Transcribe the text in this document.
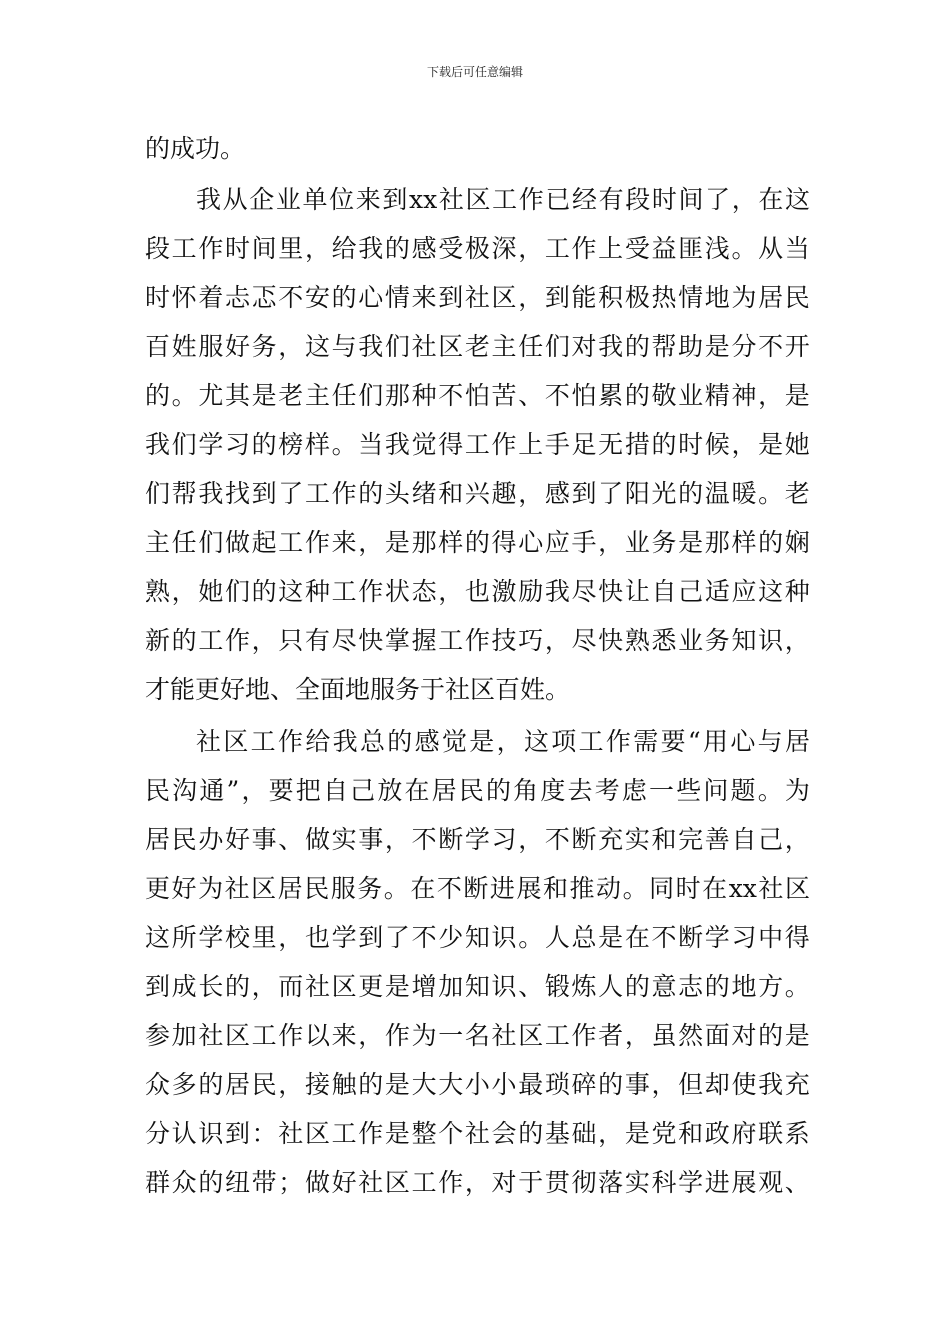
下载后可任意编辑
的成功。
我 从 企 业 单 位 来 到 xx 社 区 工 作 已 经 有 段 时 间 了 ， 在 这
段 工 作 时 间 里 ， 给 我 的 感 受 极 深 ， 工 作 上 受 益 匪 浅 。 从 当
时 怀 着 忐 忑 不 安 的 心 情 来 到 社 区 ， 到 能 积 极 热 情 地 为 居 民
百 姓 服 好 务 ， 这 与 我 们 社 区 老 主 任 们 对 我 的 帮 助 是 分 不 开
的 。 尤 其 是 老 主 任 们 那 种 不 怕 苦 、 不 怕 累 的 敬 业 精 神 ， 是
我 们 学 习 的 榜 样 。 当 我 觉 得 工 作 上 手 足 无 措 的 时 候 ， 是 她
们 帮 我 找 到 了 工 作 的 头 绪 和 兴 趣 ， 感 到 了 阳 光 的 温 暖 。 老
主 任 们 做 起 工 作 来 ， 是 那 样 的 得 心 应 手 ， 业 务 是 那 样 的 娴
熟 ， 她 们 的 这 种 工 作 状 态 ， 也 激 励 我 尽 快 让 自 己 适 应 这 种
新 的 工 作 ， 只 有 尽 快 掌 握 工 作 技 巧 ， 尽 快 熟 悉 业 务 知 识 ，
才能更好地、全面地服务于社区百姓。
社 区 工 作 给 我 总 的 感 觉 是 ， 这 项 工 作 需 要 “ 用 心 与 居
民 沟 通 ” ， 要 把 自 己 放 在 居 民 的 角 度 去 考 虑 一 些 问 题 。 为
居 民 办 好 事 、 做 实 事 ， 不 断 学 习 ， 不 断 充 实 和 完 善 自 己 ，
更 好 为 社 区 居 民 服 务 。 在 不 断 进 展 和 推 动 。 同 时 在 xx 社 区
这 所 学 校 里 ， 也 学 到 了 不 少 知 识 。 人 总 是 在 不 断 学 习 中 得
到 成 长 的 ， 而 社 区 更 是 增 加 知 识 、 锻 炼 人 的 意 志 的 地 方 。
参 加 社 区 工 作 以 来 ， 作 为 一 名 社 区 工 作 者 ， 虽 然 面 对 的 是
众 多 的 居 民 ， 接 触 的 是 大 大 小 小 最 琐 碎 的 事 ， 但 却 使 我 充
分 认 识 到 ： 社 区 工 作 是 整 个 社 会 的 基 础 ， 是 党 和 政 府 联 系
群 众 的 纽 带 ； 做 好 社 区 工 作 ， 对 于 贯 彻 落 实 科 学 进 展 观 、
